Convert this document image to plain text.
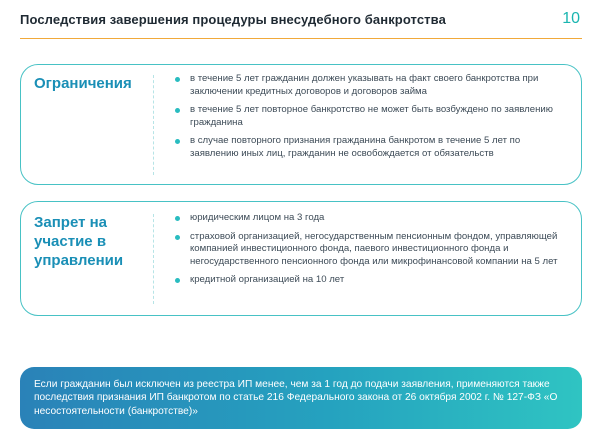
Последствия завершения процедуры внесудебного банкротства	10
Ограничения	в течение 5 лет гражданин должен указывать на факт своего банкротства при заключении кредитных договоров и договоров займа
в течение 5 лет повторное банкротство не может быть возбуждено по заявлению гражданина
в случае повторного признания гражданина банкротом в течение 5 лет по заявлению иных лиц, гражданин не освобождается от обязательств
Запрет на участие в управлении
юридическим лицом на 3 года
страховой организацией, негосударственным пенсионным фондом, управляющей компанией инвестиционного фонда, паевого инвестиционного фонда и негосударственного пенсионного фонда или микрофинансовой компании на 5 лет
кредитной организацией на 10 лет
Если гражданин был исключен из реестра ИП менее, чем за 1 год до подачи заявления, применяются также последствия признания ИП банкротом по статье 216 Федерального закона от 26 октября 2002 г. № 127-ФЗ «О несостоятельности (банкротстве)»
